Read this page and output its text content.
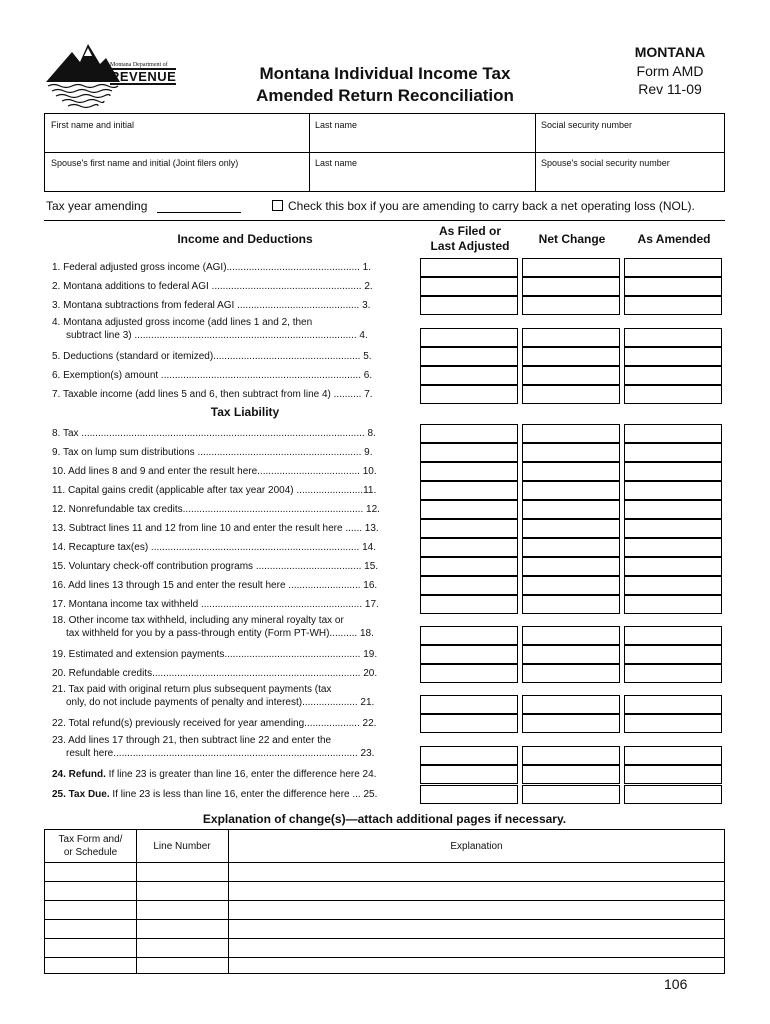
Montana Department of
REVENUE	Montana Individual Income Tax
Amended Return Reconciliation
MONTANA
Form AMD
Rev 11-09
First name and initial	Last name	Social security number
Spouse's first name and initial (Joint filers only)	Last name	Spouse's social security number
Tax year amending	Check this box if you are amending to carry back a net operating loss (NOL).
Income and Deductions
As Filed or
Last Adjusted	Net Change	As Amended
Tax Liability
1. Federal adjusted gross income (AGI)................................................ 1.
2. Montana additions to federal AGI ...................................................... 2.
3. Montana subtractions from federal AGI ............................................ 3.
4. Montana adjusted gross income (add lines 1 and 2, then
subtract line 3) ................................................................................ 4.
5. Deductions (standard or itemized)..................................................... 5.
6. Exemption(s) amount ........................................................................ 6.
7. Taxable income (add lines 5 and 6, then subtract from line 4) .......... 7.
8. Tax ...................................................................................................... 8.
9. Tax on lump sum distributions ........................................................... 9.
10. Add lines 8 and 9 and enter the result here..................................... 10.
11. Capital gains credit (applicable after tax year 2004) ........................11.
12. Nonrefundable tax credits................................................................. 12.
13. Subtract lines 11 and 12 from line 10 and enter the result here ...... 13.
14. Recapture tax(es) ........................................................................... 14.
15. Voluntary check-off contribution programs ...................................... 15.
16. Add lines 13 through 15 and enter the result here .......................... 16.
17. Montana income tax withheld .......................................................... 17.
18. Other income tax withheld, including any mineral royalty tax or
tax withheld for you by a pass-through entity (Form PT-WH).......... 18.
19. Estimated and extension payments................................................. 19.
20. Refundable credits........................................................................... 20.
21. Tax paid with original return plus subsequent payments (tax
only, do not include payments of penalty and interest).................... 21.
22. Total refund(s) previously received for year amending.................... 22.
23. Add lines 17 through 21, then subtract line 22 and enter the
result here........................................................................................ 23.
24. Refund. If line 23 is greater than line 16, enter the difference here 24.
25. Tax Due. If line 23 is less than line 16, enter the difference here ... 25.
Explanation of change(s)—attach additional pages if necessary.
Tax Form and/
or Schedule
Line Number	Explanation
106
